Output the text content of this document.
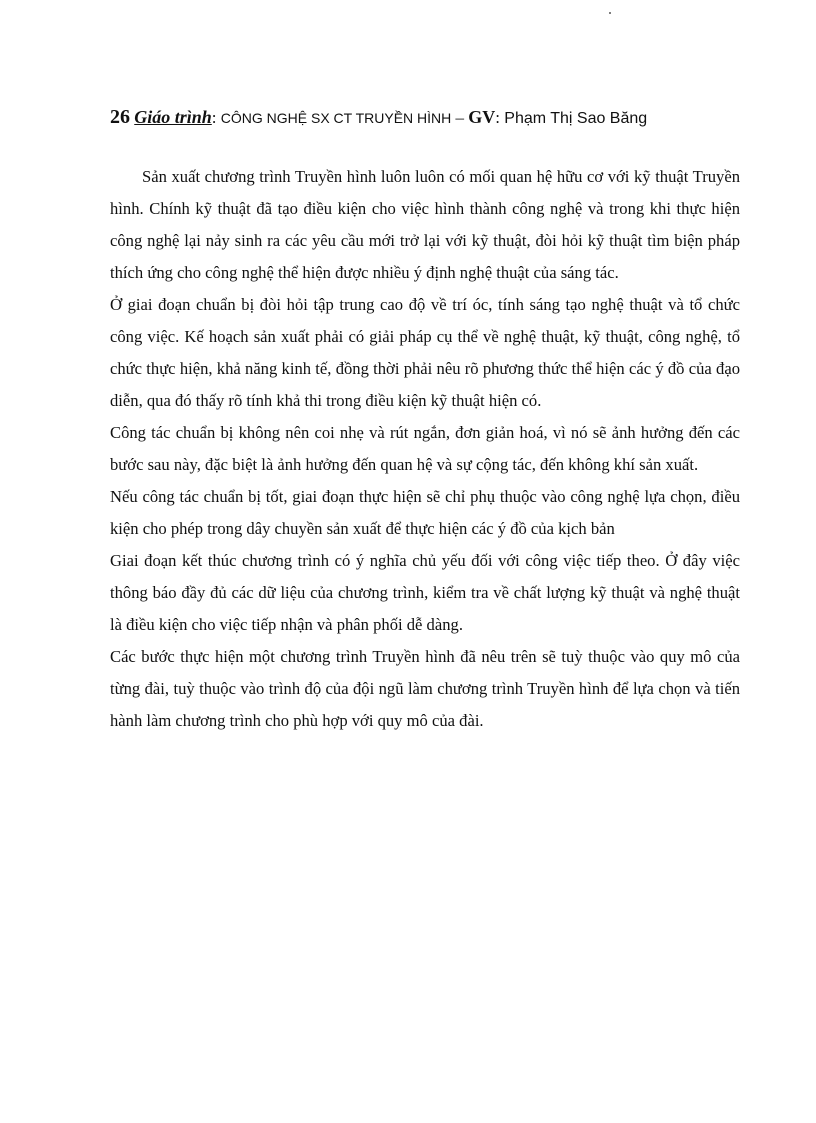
26 Giáo trình: CÔNG NGHỆ SX CT TRUYỀN HÌNH – GV: Phạm Thị Sao Băng

Sản xuất chương trình Truyền hình luôn luôn có mối quan hệ hữu cơ với kỹ thuật Truyền hình. Chính kỹ thuật đã tạo điều kiện cho việc hình thành công nghệ và trong khi thực hiện công nghệ lại nảy sinh ra các yêu cầu mới trở lại với kỹ thuật, đòi hỏi kỹ thuật tìm biện pháp thích ứng cho công nghệ thể hiện được nhiều ý định nghệ thuật của sáng tác.

Ở giai đoạn chuẩn bị đòi hỏi tập trung cao độ về trí óc, tính sáng tạo nghệ thuật và tổ chức công việc. Kế hoạch sản xuất phải có giải pháp cụ thể về nghệ thuật, kỹ thuật, công nghệ, tổ chức thực hiện, khả năng kinh tế, đồng thời phải nêu rõ phương thức thể hiện các ý đồ của đạo diễn, qua đó thấy rõ tính khả thi trong điều kiện kỹ thuật hiện có.

Công tác chuẩn bị không nên coi nhẹ và rút ngắn, đơn giản hoá, vì nó sẽ ảnh hưởng đến các bước sau này, đặc biệt là ảnh hưởng đến quan hệ và sự cộng tác, đến không khí sản xuất.

Nếu công tác chuẩn bị tốt, giai đoạn thực hiện sẽ chỉ phụ thuộc vào công nghệ lựa chọn, điều kiện cho phép trong dây chuyền sản xuất để thực hiện các ý đồ của kịch bản

Giai đoạn kết thúc chương trình có ý nghĩa chủ yếu đối với công việc tiếp theo. Ở đây việc thông báo đầy đủ các dữ liệu của chương trình, kiểm tra về chất lượng kỹ thuật và nghệ thuật là điều kiện cho việc tiếp nhận và phân phối dễ dàng.

Các bước thực hiện một chương trình Truyền hình đã nêu trên sẽ tuỳ thuộc vào quy mô của từng đài, tuỳ thuộc vào trình độ của đội ngũ làm chương trình Truyền hình để lựa chọn và tiến hành làm chương trình cho phù hợp với quy mô của đài.
